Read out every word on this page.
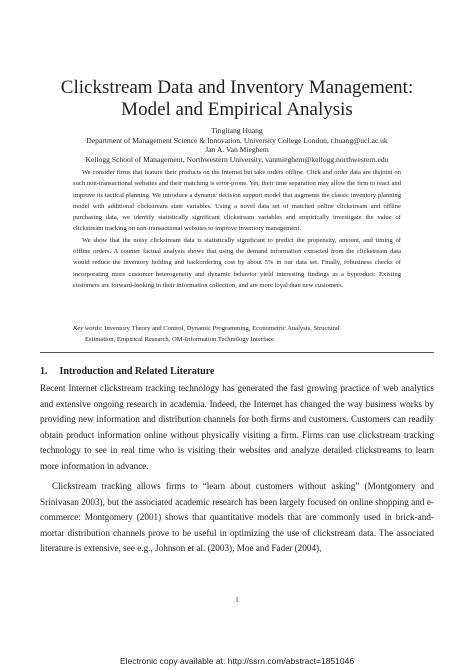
Clickstream Data and Inventory Management:
Model and Empirical Analysis
Tingliang Huang
Department of Management Science & Innovation, University College London, t.huang@ucl.ac.uk
Jan A. Van Mieghem
Kellogg School of Management, Northwestern University, vanmieghem@kellogg.northwestern.edu

We consider firms that feature their products on the Internet but take orders offline. Click and order data are disjoint on such non-transactional websites and their matching is error-prone. Yet, their time separation may allow the firm to react and improve its tactical planning. We introduce a dynamic decision support model that augments the classic inventory planning model with additional clickstream state variables. Using a novel data set of matched online clickstream and offline purchasing data, we identify statistically significant clickstream variables and empirically investigate the value of clickstream tracking on non-transactional websites to improve inventory management.

We show that the noisy clickstream data is statistically significant to predict the propensity, amount, and timing of offline orders. A counter factual analysis shows that using the demand information extracted from the clickstream data would reduce the inventory holding and backordering cost by about 5% in our data set. Finally, robustness checks of incorporating more customer heterogeneity and dynamic behavior yield interesting findings as a byproduct: Existing customers are forward-looking in their information collection, and are more loyal than new customers.

Key words: Inventory Theory and Control, Dynamic Programming, Econometric Analysis, Structural
Estimation, Empirical Research, OM-Information Technology Interface
1. Introduction and Related Literature

Recent Internet clickstream tracking technology has generated the fast growing practice of web analytics and extensive ongoing research in academia. Indeed, the Internet has changed the way business works by providing new information and distribution channels for both firms and customers. Customers can readily obtain product information online without physically visiting a firm. Firms can use clickstream tracking technology to see in real time who is visiting their websites and analyze detailed clickstreams to learn more information in advance.

Clickstream tracking allows firms to “learn about customers without asking” (Montgomery and Srinivasan 2003), but the associated academic research has been largely focused on online shopping and e-commerce: Montgomery (2001) shows that quantitative models that are commonly used in brick-and-mortar distribution channels prove to be useful in optimizing the use of clickstream data. The associated literature is extensive, see e.g., Johnson et al. (2003), Moe and Fader (2004),

1
Electronic copy available at: http://ssrn.com/abstract=1851046
